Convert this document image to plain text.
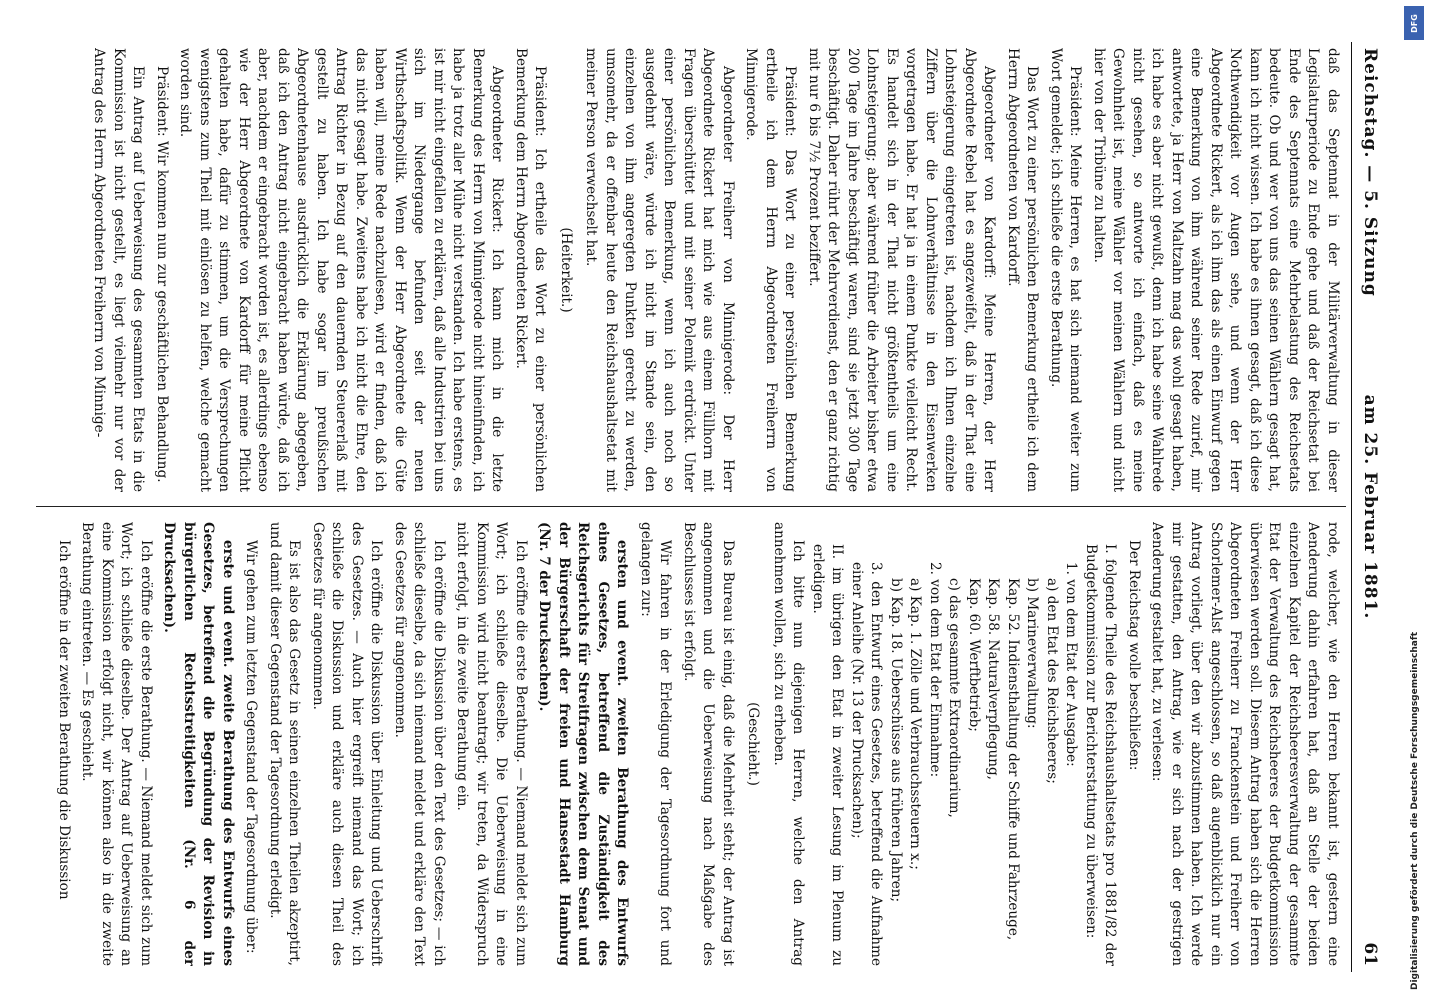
Reichstag. — 5. Sitzung
am 25. Februar 1881.
61

daß das Septennat in der Militärverwaltung in dieser Legislaturperiode zu Ende gehe und daß der Reichsetat bei Ende des Septennats eine Mehrbelastung des Reichsetats bedeute. Ob und wer von uns das seinen Wählern gesagt hat, kann ich nicht wissen. Ich habe es ihnen gesagt, daß ich diese Nothwendigkeit vor Augen sehe, und wenn der Herr Abgeordnete Rickert, als ich ihm das als einen Einwurf gegen eine Bemerkung von ihm während seiner Rede zurief, mir antwortete, ja Herr von Maltzahn mag das wohl gesagt haben, ich habe es aber nicht gewußt, denn ich habe seine Wahlrede nicht gesehen, so antworte ich einfach, daß es meine Gewohnheit ist, meine Wähler vor meinen Wählern und nicht hier von der Tribüne zu halten.

Präsident: Meine Herren, es hat sich niemand weiter zum Wort gemeldet; ich schließe die erste Berathung.

Das Wort zu einer persönlichen Bemerkung ertheile ich dem Herrn Abgeordneten von Kardorff.

Abgeordneter von Kardorff: Meine Herren, der Herr Abgeordnete Rebel hat es angezweifelt, daß in der That eine Lohnsteigerung eingetreten ist, nachdem ich Ihnen einzelne Ziffern über die Lohnverhältnisse in den Eisenwerken vorgetragen habe. Er hat ja in einem Punkte vielleicht Recht. Es handelt sich in der That nicht größtentheils um eine Lohnsteigerung; aber während früher die Arbeiter bisher etwa 200 Tage im Jahre beschäftigt waren, sind sie jetzt 300 Tage beschäftigt. Daher rührt der Mehrverdienst, den er ganz richtig mit nur 6 bis 7½ Prozent beziffert.

Präsident: Das Wort zu einer persönlichen Bemerkung ertheile ich dem Herrn Abgeordneten Freiherrn von Minnigerode.

Abgeordneter Freiherr von Minnigerode: Der Herr Abgeordnete Rickert hat mich wie aus einem Füllhorn mit Fragen überschüttet und mit seiner Polemik erdrückt. Unter einer persönlichen Bemerkung, wenn ich auch noch so ausgedehnt wäre, würde ich nicht im Stande sein, den einzelnen von ihm angeregten Punkten gerecht zu werden, umsomehr, da er offenbar heute den Reichshaushaltsetat mit meiner Person verwechselt hat.

(Heiterkeit.)

Präsident: Ich ertheile das Wort zu einer persönlichen Bemerkung dem Herrn Abgeordneten Rickert.

Abgeordneter Rickert: Ich kann mich in die letzte Bemerkung des Herrn von Minnigerode nicht hineinfinden, ich habe ja trotz aller Mühe nicht verstanden. Ich habe erstens, es ist mir nicht eingefallen zu erklären, daß alle Industrien bei uns sich im Niedergange befunden seit der neuen Wirthschaftspolitik. Wenn der Herr Abgeordnete die Güte haben will, meine Rede nachzulesen, wird er finden, daß ich das nicht gesagt habe. Zweitens habe ich nicht die Ehre, den Antrag Richter in Bezug auf den dauernden Steuererlaß mit gestellt zu haben. Ich habe sogar im preußischen Abgeordnetenhause ausdrücklich die Erklärung abgegeben, daß ich den Antrag nicht eingebracht haben würde, daß ich aber, nachdem er eingebracht worden ist, es allerdings ebenso wie der Herr Abgeordnete von Kardorff für meine Pflicht gehalten habe, dafür zu stimmen, um die Versprechungen wenigstens zum Theil mit einlösen zu helfen, welche gemacht worden sind.

Präsident: Wir kommen nun zur geschäftlichen Behandlung.

Ein Antrag auf Ueberweisung des gesammten Etats in die Kommission ist nicht gestellt, es liegt vielmehr nur vor der Antrag des Herrn Abgeordneten Freiherrn von Minnige-

rode, welcher, wie den Herren bekannt ist, gestern eine Aenderung dahin erfahren hat, daß an Stelle der beiden einzelnen Kapitel der Reichsheeresverwaltung der gesammte Etat der Verwaltung des Reichsheeres der Budgetkommission überwiesen werden soll. Diesem Antrag haben sich die Herren Abgeordneten Freiherr zu Franckenstein und Freiherr von Schorlemer-Alst angeschlossen, so daß augenblicklich nur ein Antrag vorliegt, über den wir abzustimmen haben. Ich werde mir gestatten, den Antrag, wie er sich nach der gestrigen Aenderung gestaltet hat, zu verlesen:

Der Reichstag wolle beschließen:

I. folgende Theile des Reichshaushaltsetats pro 1881/82 der Budgetkommission zur Berichterstattung zu überweisen:

1. von dem Etat der Ausgabe:

a) den Etat des Reichsheeres;

b) Marineverwaltung:

Kap. 52. Indiensthaltung der Schiffe und Fahrzeuge,

Kap. 58. Naturalverpflegung,

Kap. 60. Werftbetrieb;

c) das gesammte Extraordinarium,

2. von dem Etat der Einnahme:

a) Kap. 1. Zölle und Verbrauchssteuern x.;

b) Kap. 18. Ueberschüsse aus früheren Jahren;

3. den Entwurf eines Gesetzes, betreffend die Aufnahme einer Anleihe (Nr. 13 der Drucksachen);

II. im übrigen den Etat in zweiter Lesung im Plenum zu erledigen.

Ich bitte nun diejenigen Herren, welche den Antrag annehmen wollen, sich zu erheben.

(Geschieht.)

Das Bureau ist einig, daß die Mehrheit steht; der Antrag ist angenommen und die Ueberweisung nach Maßgabe des Beschlusses ist erfolgt.

Wir fahren in der Erledigung der Tagesordnung fort und gelangen zur:

ersten und event. zweiten Berathung des Entwurfs eines Gesetzes, betreffend die Zuständigkeit des Reichsgerichts für Streitfragen zwischen dem Senat und der Bürgerschaft der freien und Hansestadt Hamburg (Nr. 7 der Drucksachen).

Ich eröffne die erste Berathung. — Niemand meldet sich zum Wort; ich schließe dieselbe. Die Ueberweisung in eine Kommission wird nicht beantragt; wir treten, da Widerspruch nicht erfolgt, in die zweite Berathung ein.

Ich eröffne die Diskussion über den Text des Gesetzes; — ich schließe dieselbe, da sich niemand meldet und erkläre den Text des Gesetzes für angenommen.

Ich eröffne die Diskussion über Einleitung und Ueberschrift des Gesetzes. — Auch hier ergreift niemand das Wort; ich schließe die Diskussion und erkläre auch diesen Theil des Gesetzes für angenommen.

Es ist also das Gesetz in seinen einzelnen Theilen akzeptirt, und damit dieser Gegenstand der Tagesordnung erledigt.

Wir gehen zum letzten Gegenstand der Tagesordnung über:

erste und event. zweite Berathung des Entwurfs eines Gesetzes, betreffend die Begründung der Revision in bürgerlichen Rechtsstreitigkeiten (Nr. 6 der Drucksachen).

Ich eröffne die erste Berathung. — Niemand meldet sich zum Wort; ich schließe dieselbe. Der Antrag auf Ueberweisung an eine Kommission erfolgt nicht, wir können also in die zweite Berathung eintreten. — Es geschieht.

Ich eröffne in der zweiten Berathung die Diskussion

DFG
Digitalisierung gefördert durch die Deutsche Forschungsgemeinschaft
